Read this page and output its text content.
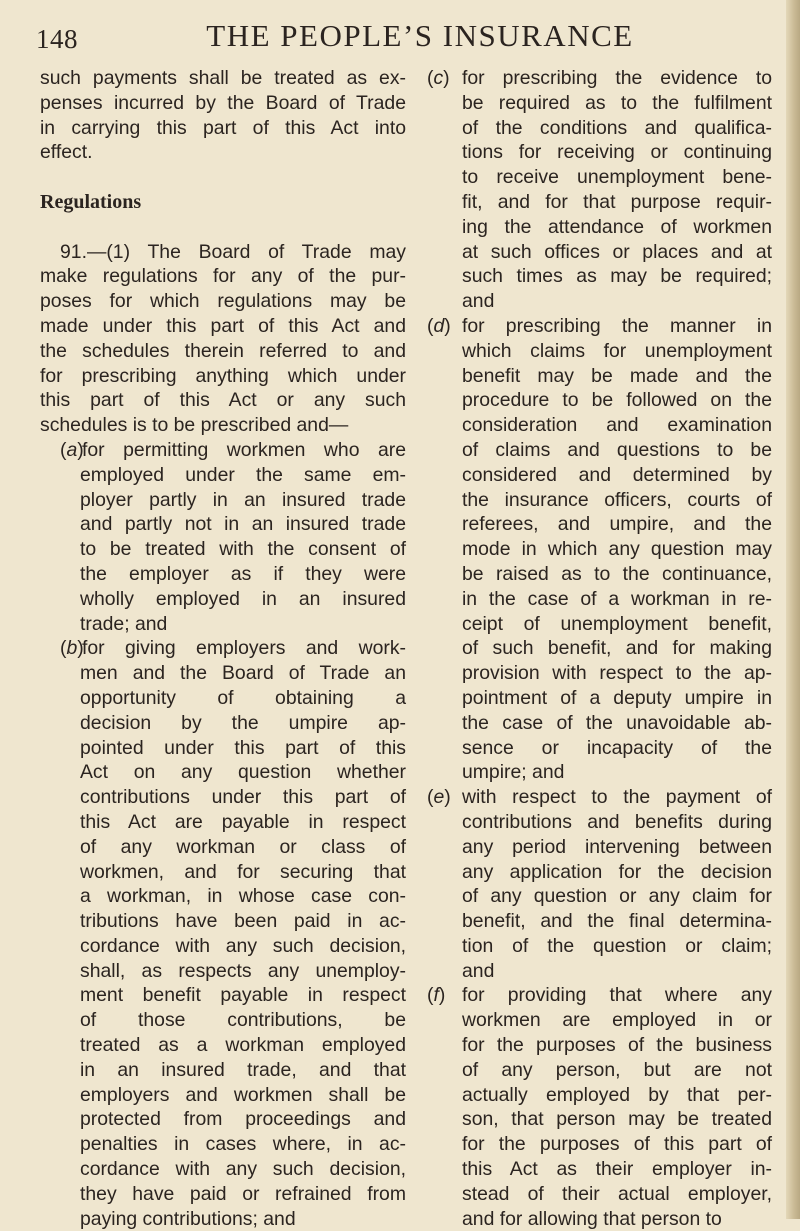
148	THE PEOPLE’S INSURANCE
such payments shall be treated as ex-
penses incurred by the Board of Trade
in carrying this part of this Act into
effect.
Regulations
91.—(1) The Board of Trade may
make regulations for any of the pur-
poses for which regulations may be
made under this part of this Act and
the schedules therein referred to and
for prescribing anything which under
this part of this Act or any such
schedules is to be prescribed and—
(a)for permitting workmen who are
employed under the same em-
ployer partly in an insured trade
and partly not in an insured trade
to be treated with the consent of
the employer as if they were
wholly employed in an insured
trade; and
(b)for giving employers and work-
men and the Board of Trade an
opportunity of obtaining a
decision by the umpire ap-
pointed under this part of this
Act on any question whether
contributions under this part of
this Act are payable in respect
of any workman or class of
workmen, and for securing that
a workman, in whose case con-
tributions have been paid in ac-
cordance with any such decision,
shall, as respects any unemploy-
ment benefit payable in respect
of those contributions, be
treated as a workman employed
in an insured trade, and that
employers and workmen shall be
protected from proceedings and
penalties in cases where, in ac-
cordance with any such decision,
they have paid or refrained from
paying contributions; and
(c) for prescribing the evidence to
be required as to the fulfilment
of the conditions and qualifica-
tions for receiving or continuing
to receive unemployment bene-
fit, and for that purpose requir-
ing the attendance of workmen
at such offices or places and at
such times as may be required;
and
(d) for prescribing the manner in
which claims for unemployment
benefit may be made and the
procedure to be followed on the
consideration and examination
of claims and questions to be
considered and determined by
the insurance officers, courts of
referees, and umpire, and the
mode in which any question may
be raised as to the continuance,
in the case of a workman in re-
ceipt of unemployment benefit,
of such benefit, and for making
provision with respect to the ap-
pointment of a deputy umpire in
the case of the unavoidable ab-
sence or incapacity of the
umpire; and
(e) with respect to the payment of
contributions and benefits during
any period intervening between
any application for the decision
of any question or any claim for
benefit, and the final determina-
tion of the question or claim;
and
(f) for providing that where any
workmen are employed in or
for the purposes of the business
of any person, but are not
actually employed by that per-
son, that person may be treated
for the purposes of this part of
this Act as their employer in-
stead of their actual employer,
and for allowing that person to
